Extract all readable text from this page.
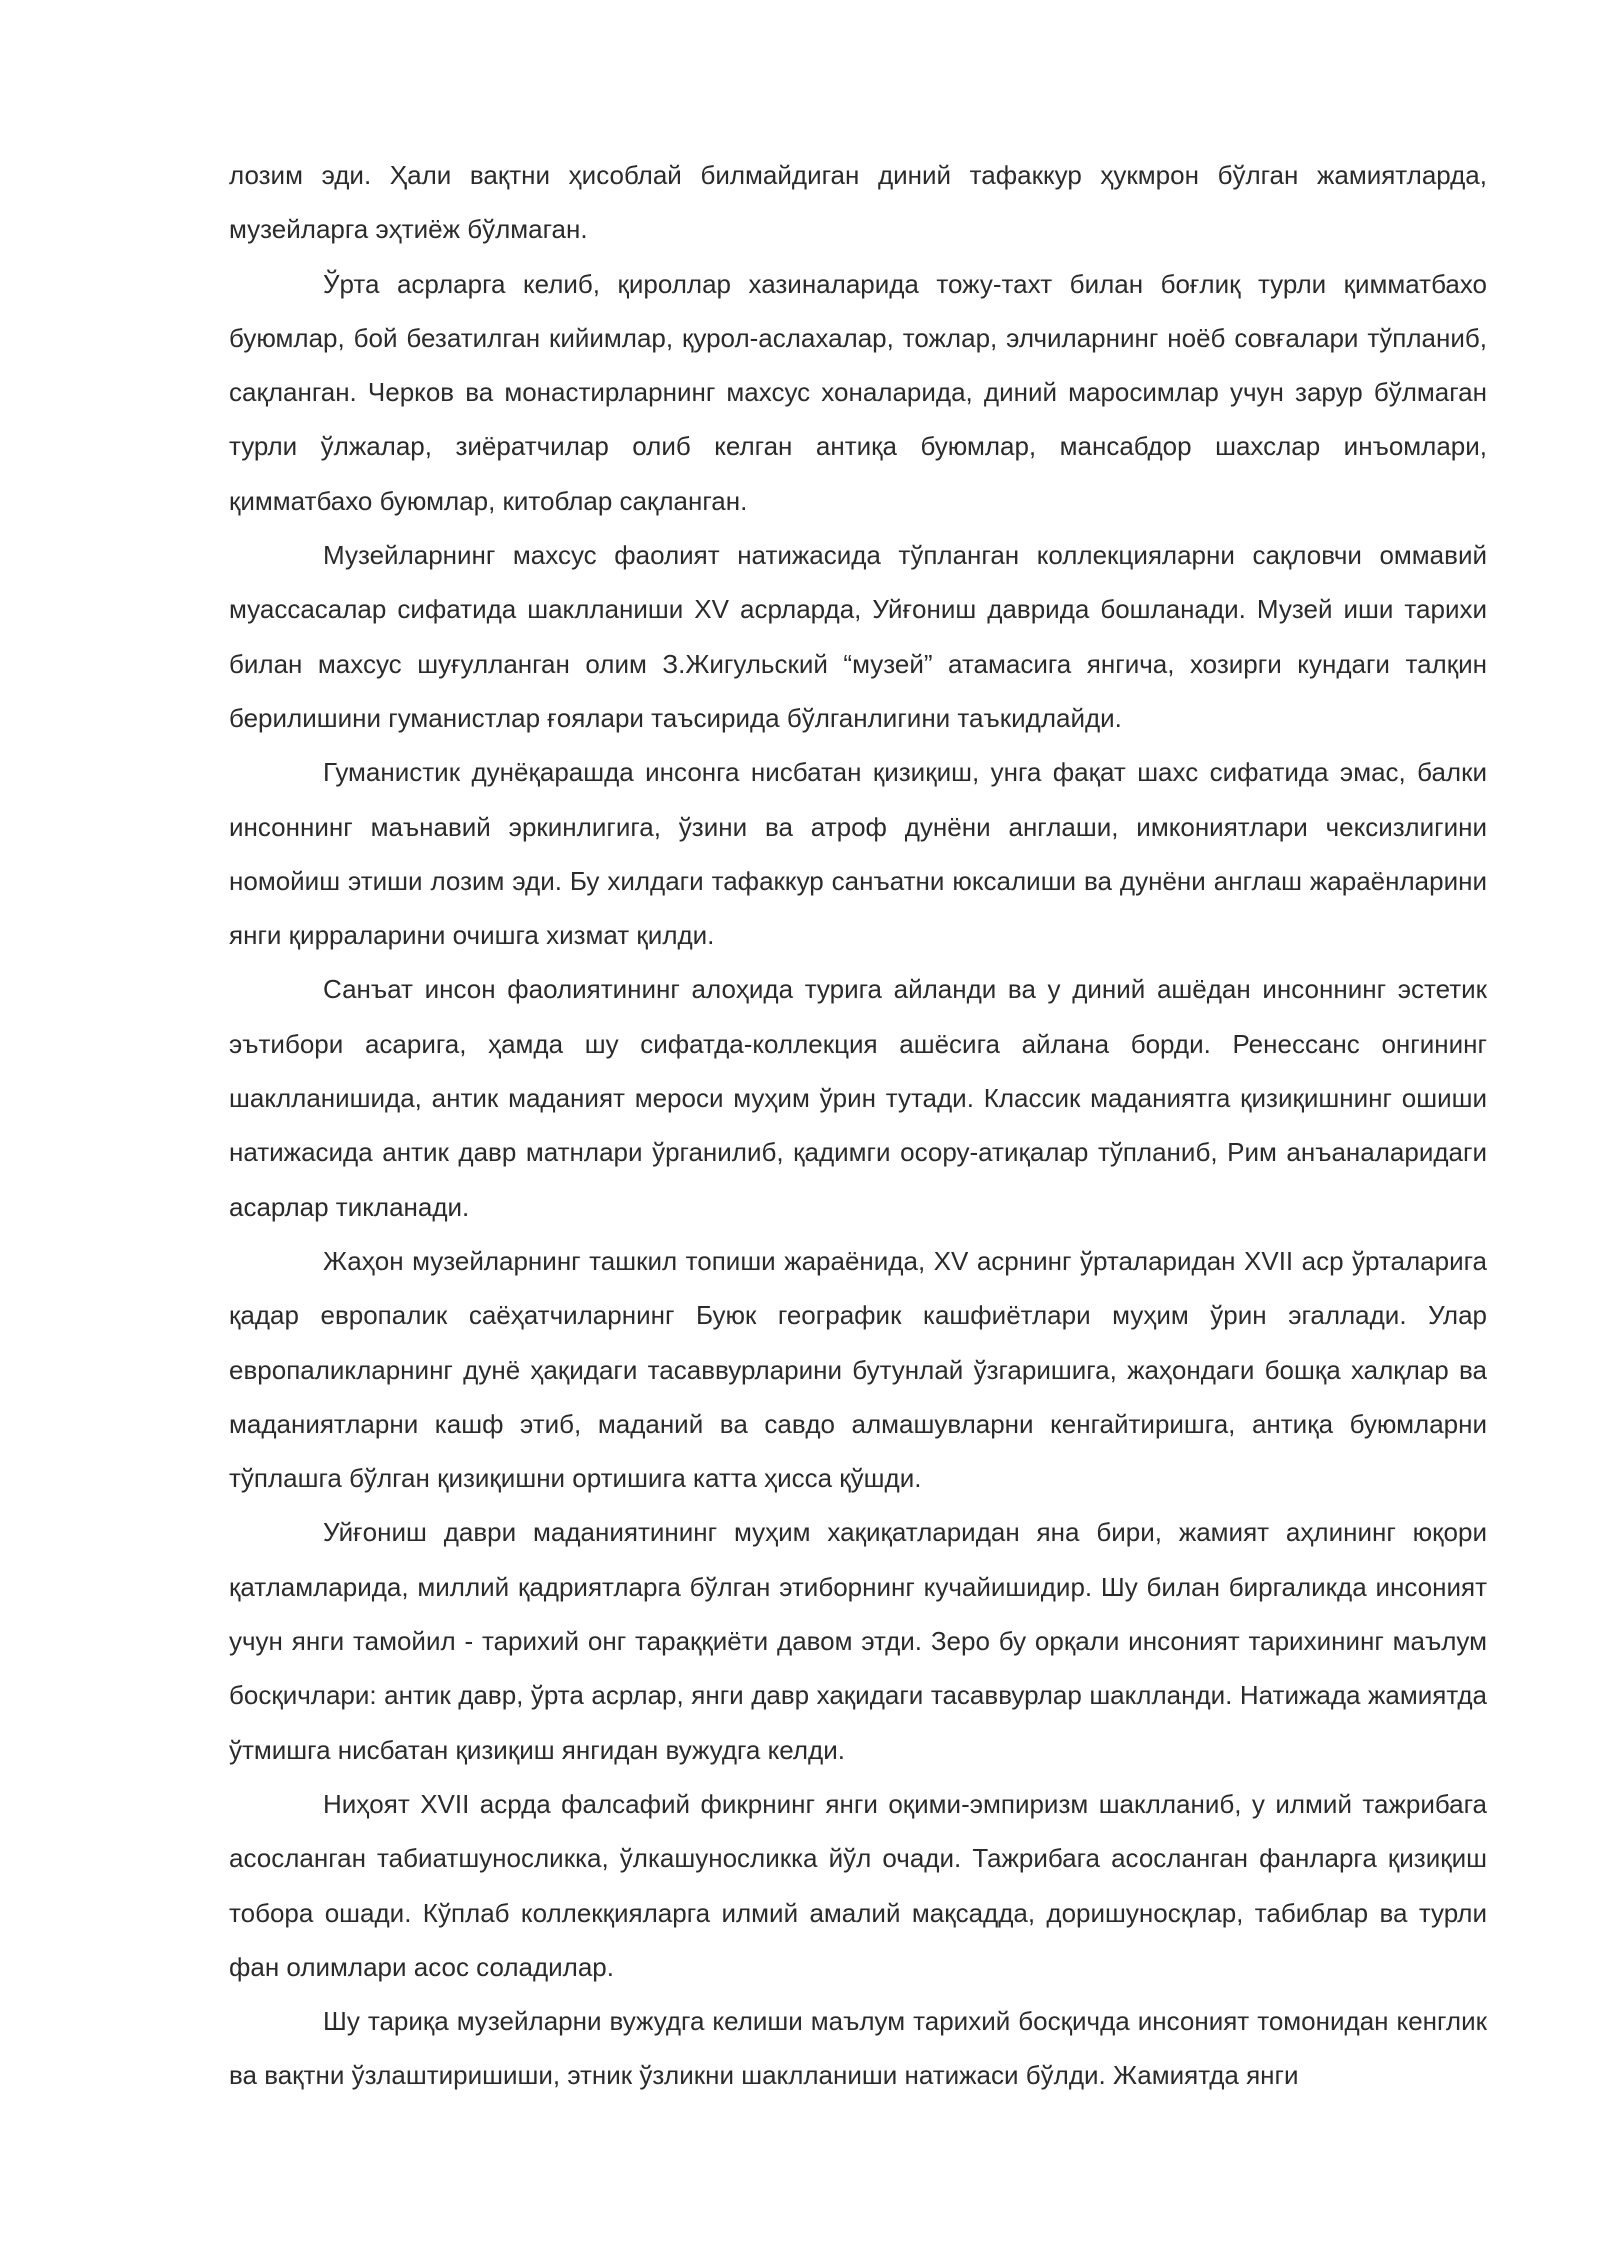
лозим эди. Ҳали вақтни ҳисоблай билмайдиган диний тафаккур ҳукмрон бўлган жамиятларда, музейларга эҳтиёж бўлмаган.

Ўрта асрларга келиб, қироллар хазиналарида тожу-тахт билан боғлиқ турли қимматбахо буюмлар, бой безатилган кийимлар, қурол-аслахалар, тожлар, элчиларнинг ноёб совғалари тўпланиб, сақланган. Черков ва монастирларнинг махсус хоналарида, диний маросимлар учун зарур бўлмаган турли ўлжалар, зиёратчилар олиб келган антиқа буюмлар, мансабдор шахслар инъомлари, қимматбахо буюмлар, китоблар сақланган.

Музейларнинг махсус фаолият натижасида тўпланган коллекцияларни сақловчи оммавий муассасалар сифатида шаклланиши XV асрларда, Уйғониш даврида бошланади. Музей иши тарихи билан махсус шуғулланган олим З.Жигульский “музей” атамасига янгича, хозирги кундаги талқин берилишини гуманистлар ғоялари таъсирида бўлганлигини таъкидлайди.

Гуманистик дунёқарашда инсонга нисбатан қизиқиш, унга фақат шахс сифатида эмас, балки инсоннинг маънавий эркинлигига, ўзини ва атроф дунёни англаши, имкониятлари чексизлигини номойиш этиши лозим эди. Бу хилдаги тафаккур санъатни юксалиши ва дунёни англаш жараёнларини янги қирраларини очишга хизмат қилди.

Санъат инсон фаолиятининг алоҳида турига айланди ва у диний ашёдан инсоннинг эстетик эътибори асарига, ҳамда шу сифатда-коллекция ашёсига айлана борди. Ренессанс онгининг шаклланишида, антик маданият мероси муҳим ўрин тутади. Классик маданиятга қизиқишнинг ошиши натижасида антик давр матнлари ўрганилиб, қадимги осору-атиқалар тўпланиб, Рим анъаналаридаги асарлар тикланади.

Жаҳон музейларнинг ташкил топиши жараёнида, XV асрнинг ўрталаридан XVII аср ўрталарига қадар европалик саёҳатчиларнинг Буюк географик кашфиётлари муҳим ўрин эгаллади. Улар европаликларнинг дунё ҳақидаги тасаввурларини бутунлай ўзгаришига, жаҳондаги бошқа халқлар ва маданиятларни кашф этиб, маданий ва савдо алмашувларни кенгайтиришга, антиқа буюмларни тўплашга бўлган қизиқишни ортишига катта ҳисса қўшди.

Уйғониш даври маданиятининг муҳим хақиқатларидан яна бири, жамият аҳлининг юқори қатламларида, миллий қадриятларга бўлган этиборнинг кучайишидир. Шу билан биргаликда инсоният учун янги тамойил - тарихий онг тараққиёти давом этди. Зеро бу орқали инсоният тарихининг маълум босқичлари: антик давр, ўрта асрлар, янги давр хақидаги тасаввурлар шаклланди. Натижада жамиятда ўтмишга нисбатан қизиқиш янгидан вужудга келди.

Ниҳоят XVII асрда фалсафий фикрнинг янги оқими-эмпиризм шаклланиб, у илмий тажрибага асосланган табиатшуносликка, ўлкашуносликка йўл очади. Тажрибага асосланган фанларга қизиқиш тобора ошади. Кўплаб коллекқияларга илмий амалий мақсадда, доришуносқлар, табиблар ва турли фан олимлари асос соладилар.

Шу тариқа музейларни вужудга келиши маълум тарихий босқичда инсоният томонидан кенглик ва вақтни ўзлаштиришиши, этник ўзликни шаклланиши натижаси бўлди. Жамиятда янги
